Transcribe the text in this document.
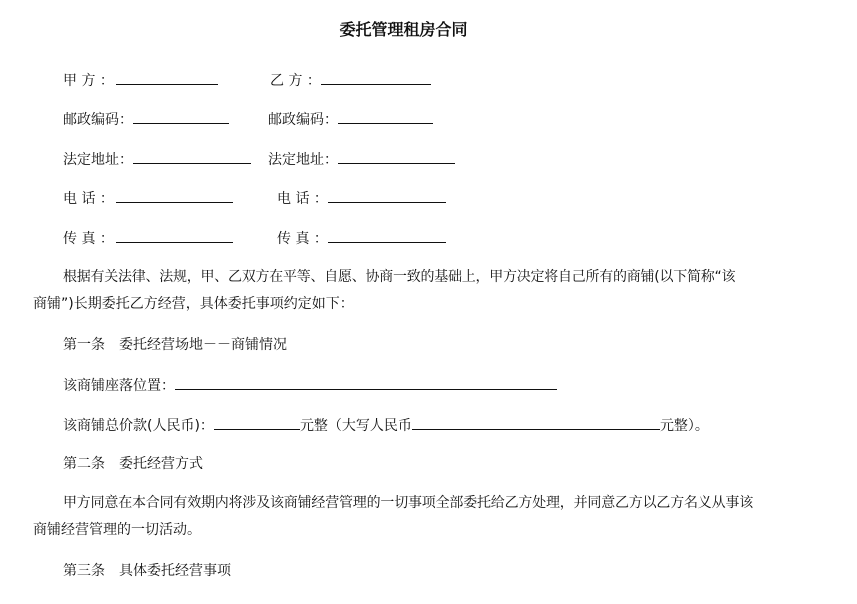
委托管理租房合同
甲 方 ：	乙 方 ：
邮政编码：	邮政编码：
法定地址：	法定地址：
电 话 ：	电 话 ：
传 真 ：	传 真 ：
根据有关法律、法规，甲、乙双方在平等、自愿、协商一致的基础上，甲方决定将自己所有的商铺(以下简称“该
商铺”)长期委托乙方经营，具体委托事项约定如下：
第一条　委托经营场地－－商铺情况
该商铺座落位置：
该商铺总价款(人民币)：	元整（大写人民币	元整）。
第二条　委托经营方式
甲方同意在本合同有效期内将涉及该商铺经营管理的一切事项全部委托给乙方处理，并同意乙方以乙方名义从事该
商铺经营管理的一切活动。
第三条　具体委托经营事项
